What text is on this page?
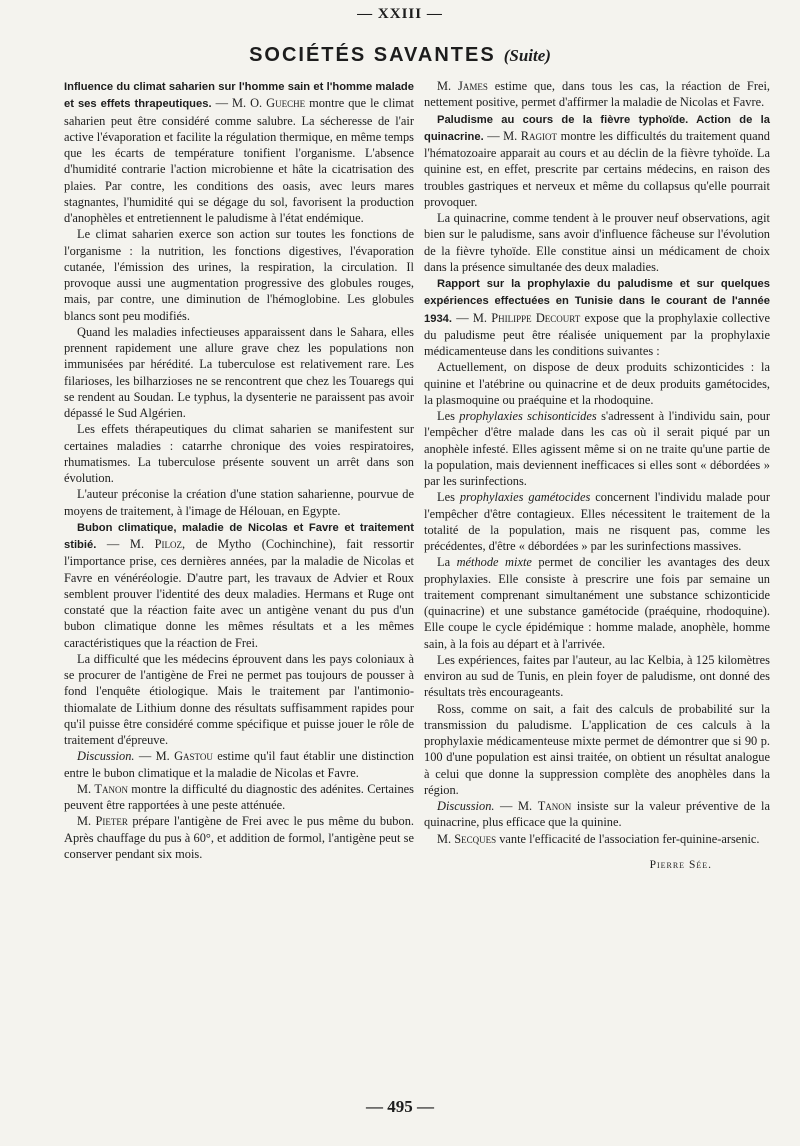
— XXIII —
SOCIÉTÉS SAVANTES (Suite)

Influence du climat saharien sur l'homme sain et l'homme malade et ses effets thrapeutiques. — M. O. Gueche montre que le climat saharien peut être considéré comme salubre. La sécheresse de l'air active l'évaporation et facilite la régulation thermique, en même temps que les écarts de température tonifient l'organisme. L'absence d'humidité contrarie l'action microbienne et hâte la cicatrisation des plaies. Par contre, les conditions des oasis, avec leurs mares stagnantes, l'humidité qui se dégage du sol, favorisent la production d'anophèles et entretiennent le paludisme à l'état endémique.

Le climat saharien exerce son action sur toutes les fonctions de l'organisme : la nutrition, les fonctions digestives, l'évaporation cutanée, l'émission des urines, la respiration, la circulation. Il provoque aussi une augmentation progressive des globules rouges, mais, par contre, une diminution de l'hémoglobine. Les globules blancs sont peu modifiés.

Quand les maladies infectieuses apparaissent dans le Sahara, elles prennent rapidement une allure grave chez les populations non immunisées par hérédité. La tuberculose est relativement rare. Les filarioses, les bilharzioses ne se rencontrent que chez les Touaregs qui se rendent au Soudan. Le typhus, la dysenterie ne paraissent pas avoir dépassé le Sud Algérien.

Les effets thérapeutiques du climat saharien se manifestent sur certaines maladies : catarrhe chronique des voies respiratoires, rhumatismes. La tuberculose présente souvent un arrêt dans son évolution.

L'auteur préconise la création d'une station saharienne, pourvue de moyens de traitement, à l'image de Hélouan, en Egypte.

Bubon climatique, maladie de Nicolas et Favre et traitement stibié. — M. Piloz, de Mytho (Cochinchine), fait ressortir l'importance prise, ces dernières années, par la maladie de Nicolas et Favre en vénéréologie. D'autre part, les travaux de Advier et Roux semblent prouver l'identité des deux maladies. Hermans et Ruge ont constaté que la réaction faite avec un antigène venant du pus d'un bubon climatique donne les mêmes résultats et a les mêmes caractéristiques que la réaction de Frei.

La difficulté que les médecins éprouvent dans les pays coloniaux à se procurer de l'antigène de Frei ne permet pas toujours de pousser à fond l'enquête étiologique. Mais le traitement par l'antimonio-thiomalate de Lithium donne des résultats suffisamment rapides pour qu'il puisse être considéré comme spécifique et puisse jouer le rôle de traitement d'épreuve.

Discussion. — M. Gastou estime qu'il faut établir une distinction entre le bubon climatique et la maladie de Nicolas et Favre.

M. Tanon montre la difficulté du diagnostic des adénites. Certaines peuvent être rapportées à une peste atténuée.

M. Pieter prépare l'antigène de Frei avec le pus même du bubon. Après chauffage du pus à 60°, et addition de formol, l'antigène peut se conserver pendant six mois.

M. James estime que, dans tous les cas, la réaction de Frei, nettement positive, permet d'affirmer la maladie de Nicolas et Favre.

Paludisme au cours de la fièvre typhoïde. Action de la quinacrine. — M. Ragiot montre les difficultés du traitement quand l'hématozoaire apparait au cours et au déclin de la fièvre tyhoïde. La quinine est, en effet, prescrite par certains médecins, en raison des troubles gastriques et nerveux et même du collapsus qu'elle pourrait provoquer.

La quinacrine, comme tendent à le prouver neuf observations, agit bien sur le paludisme, sans avoir d'influence fâcheuse sur l'évolution de la fièvre tyhoïde. Elle constitue ainsi un médicament de choix dans la présence simultanée des deux maladies.

Rapport sur la prophylaxie du paludisme et sur quelques expériences effectuées en Tunisie dans le courant de l'année 1934. — M. Philippe Decourt expose que la prophylaxie collective du paludisme peut être réalisée uniquement par la prophylaxie médicamenteuse dans les conditions suivantes :

Actuellement, on dispose de deux produits schizonticides : la quinine et l'atébrine ou quinacrine et de deux produits gamétocides, la plasmoquine ou praéquine et la rhodoquine.

Les prophylaxies schisonticides s'adressent à l'individu sain, pour l'empêcher d'être malade dans les cas où il serait piqué par un anophèle infesté. Elles agissent même si on ne traite qu'une partie de la population, mais deviennent inefficaces si elles sont « débordées » par les surinfections.

Les prophylaxies gamétocides concernent l'individu malade pour l'empêcher d'être contagieux. Elles nécessitent le traitement de la totalité de la population, mais ne risquent pas, comme les précédentes, d'être « débordées » par les surinfections massives.

La méthode mixte permet de concilier les avantages des deux prophylaxies. Elle consiste à prescrire une fois par semaine un traitement comprenant simultanément une substance schizonticide (quinacrine) et une substance gamétocide (praéquine, rhodoquine). Elle coupe le cycle épidémique : homme malade, anophèle, homme sain, à la fois au départ et à l'arrivée.

Les expériences, faites par l'auteur, au lac Kelbia, à 125 kilomètres environ au sud de Tunis, en plein foyer de paludisme, ont donné des résultats très encourageants.

Ross, comme on sait, a fait des calculs de probabilité sur la transmission du paludisme. L'application de ces calculs à la prophylaxie médicamenteuse mixte permet de démontrer que si 90 p. 100 d'une population est ainsi traitée, on obtient un résultat analogue à celui que donne la suppression complète des anophèles dans la région.

Discussion. — M. Tanon insiste sur la valeur préventive de la quinacrine, plus efficace que la quinine.

M. Secques vante l'efficacité de l'association fer-quinine-arsenic.

Pierre Sée.
— 495 —
